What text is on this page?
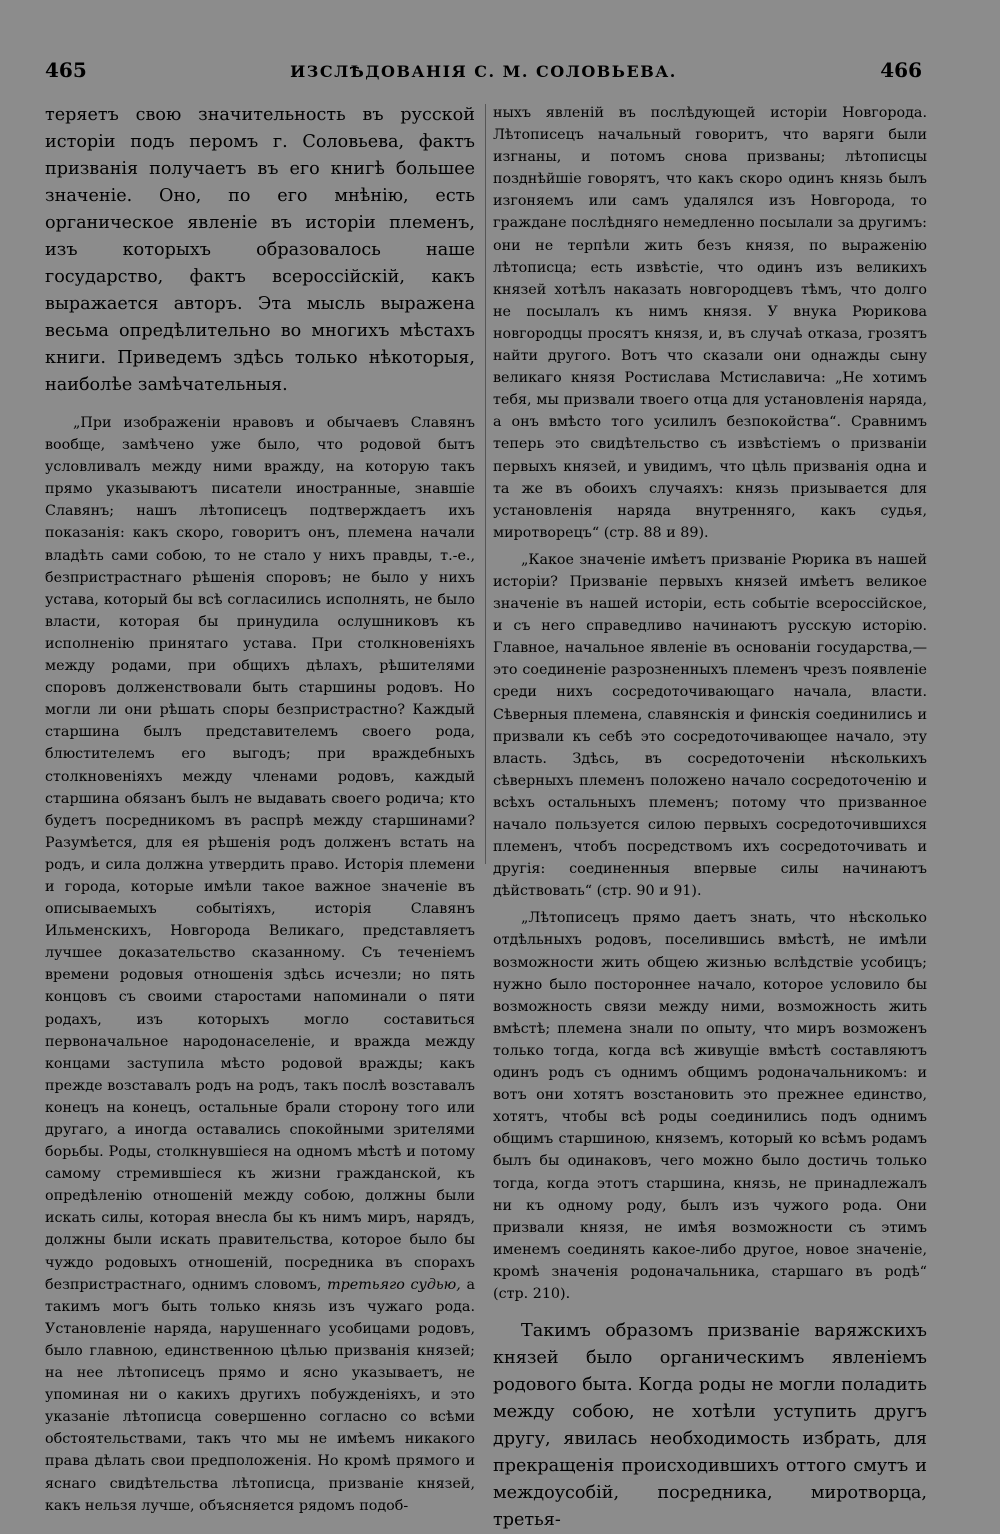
465	ИЗСЛѢДОВАНІЯ С. М. СОЛОВЬЕВА.	466

теряетъ свою значительность въ русской исторіи подъ перомъ г. Соловьева, фактъ призванія получаетъ въ его книгѣ большее значеніе. Оно, по его мнѣнію, есть органическое явленіе въ исторіи племенъ, изъ которыхъ образовалось наше государство, фактъ всероссійскій, какъ выражается авторъ. Эта мысль выражена весьма опредѣлительно во многихъ мѣстахъ книги. Приведемъ здѣсь только нѣкоторыя, наиболѣе замѣчательныя.

„При изображеніи нравовъ и обычаевъ Славянъ вообще, замѣчено уже было, что родовой бытъ условливалъ между ними вражду, на которую такъ прямо указываютъ писатели иностранные, знавшіе Славянъ; нашъ лѣтописецъ подтверждаетъ ихъ показанія: какъ скоро, говоритъ онъ, племена начали владѣть сами собою, то не стало у нихъ правды, т.-е., безпристрастнаго рѣшенія споровъ; не было у нихъ устава, который бы всѣ согласились исполнять, не было власти, которая бы принудила ослушниковъ къ исполненію принятаго устава. При столкновеніяхъ между родами, при общихъ дѣлахъ, рѣшителями споровъ долженствовали быть старшины родовъ. Но могли ли они рѣшать споры безпристрастно? Каждый старшина былъ представителемъ своего рода, блюстителемъ его выгодъ; при враждебныхъ столкновеніяхъ между членами родовъ, каждый старшина обязанъ былъ не выдавать своего родича; кто будетъ посредникомъ въ распрѣ между старшинами? Разумѣется, для ея рѣшенія родъ долженъ встать на родъ, и сила должна утвердить право. Исторія племени и города, которые имѣли такое важное значеніе въ описываемыхъ событіяхъ, исторія Славянъ Ильменскихъ, Новгорода Великаго, представляетъ лучшее доказательство сказанному. Съ теченіемъ времени родовыя отношенія здѣсь исчезли; но пять концовъ съ своими старостами напоминали о пяти родахъ, изъ которыхъ могло составиться первоначальное народонаселеніе, и вражда между концами заступила мѣсто родовой вражды; какъ прежде возставалъ родъ на родъ, такъ послѣ возставалъ конецъ на конецъ, остальные брали сторону того или другаго, а иногда оставались спокойными зрителями борьбы. Роды, столкнувшіеся на одномъ мѣстѣ и потому самому стремившіеся къ жизни гражданской, къ опредѣленію отношеній между собою, должны были искать силы, которая внесла бы къ нимъ миръ, нарядъ, должны были искать правительства, которое было бы чуждо родовыхъ отношеній, посредника въ спорахъ безпристрастнаго, однимъ словомъ, третьяго судью, а такимъ могъ быть только князь изъ чужаго рода. Установленіе наряда, нарушеннаго усобицами родовъ, было главною, единственною цѣлью призванія князей; на нее лѣтописецъ прямо и ясно указываетъ, не упоминая ни о какихъ другихъ побужденіяхъ, и это указаніе лѣтописца совершенно согласно со всѣми обстоятельствами, такъ что мы не имѣемъ никакого права дѣлать свои предположенія. Но кромѣ прямого и яснаго свидѣтельства лѣтописца, призваніе князей, какъ нельзя лучше, объясняется рядомъ подоб-

ныхъ явленій въ послѣдующей исторіи Новгорода. Лѣтописецъ начальный говоритъ, что варяги были изгнаны, и потомъ снова призваны; лѣтописцы позднѣйшіе говорятъ, что какъ скоро одинъ князь былъ изгоняемъ или самъ удалялся изъ Новгорода, то граждане послѣдняго немедленно посылали за другимъ: они не терпѣли жить безъ князя, по выраженію лѣтописца; есть извѣстіе, что одинъ изъ великихъ князей хотѣлъ наказать новгородцевъ тѣмъ, что долго не посылалъ къ нимъ князя. У внука Рюрикова новгородцы просятъ князя, и, въ случаѣ отказа, грозятъ найти другого. Вотъ что сказали они однажды сыну великаго князя Ростислава Мстиславича: „Не хотимъ тебя, мы призвали твоего отца для установленія наряда, а онъ вмѣсто того усилилъ безпокойства“. Сравнимъ теперь это свидѣтельство съ извѣстіемъ о призваніи первыхъ князей, и увидимъ, что цѣль призванія одна и та же въ обоихъ случаяхъ: князь призывается для установленія наряда внутренняго, какъ судья, миротворецъ“ (стр. 88 и 89).

„Какое значеніе имѣетъ призваніе Рюрика въ нашей исторіи? Призваніе первыхъ князей имѣетъ великое значеніе въ нашей исторіи, есть событіе всероссійское, и съ него справедливо начинаютъ русскую исторію. Главное, начальное явленіе въ основаніи государства,—это соединеніе разрозненныхъ племенъ чрезъ появленіе среди нихъ сосредоточивающаго начала, власти. Сѣверныя племена, славянскія и финскія соединились и призвали къ себѣ это сосредоточивающее начало, эту власть. Здѣсь, въ сосредоточеніи нѣсколькихъ сѣверныхъ племенъ положено начало сосредоточенію и всѣхъ остальныхъ племенъ; потому что призванное начало пользуется силою первыхъ сосредоточившихся племенъ, чтобъ посредствомъ ихъ сосредоточивать и другія: соединенныя впервые силы начинаютъ дѣйствовать“ (стр. 90 и 91).

„Лѣтописецъ прямо даетъ знать, что нѣсколько отдѣльныхъ родовъ, поселившись вмѣстѣ, не имѣли возможности жить общею жизнью вслѣдствіе усобицъ; нужно было постороннее начало, которое условило бы возможность связи между ними, возможность жить вмѣстѣ; племена знали по опыту, что миръ возможенъ только тогда, когда всѣ живущіе вмѣстѣ составляютъ одинъ родъ съ однимъ общимъ родоначальникомъ: и вотъ они хотятъ возстановить это прежнее единство, хотятъ, чтобы всѣ роды соединились подъ однимъ общимъ старшиною, княземъ, который ко всѣмъ родамъ былъ бы одинаковъ, чего можно было достичь только тогда, когда этотъ старшина, князь, не принадлежалъ ни къ одному роду, былъ изъ чужого рода. Они призвали князя, не имѣя возможности съ этимъ именемъ соединять какое-либо другое, новое значеніе, кромѣ значенія родоначальника, старшаго въ родѣ“ (стр. 210).

Такимъ образомъ призваніе варяжскихъ князей было органическимъ явленіемъ родового быта. Когда роды не могли поладить между собою, не хотѣли уступить другъ другу, явилась необходимость избрать, для прекращенія происходившихъ оттого смутъ и междоусобій, посредника, миротворца, третья-
